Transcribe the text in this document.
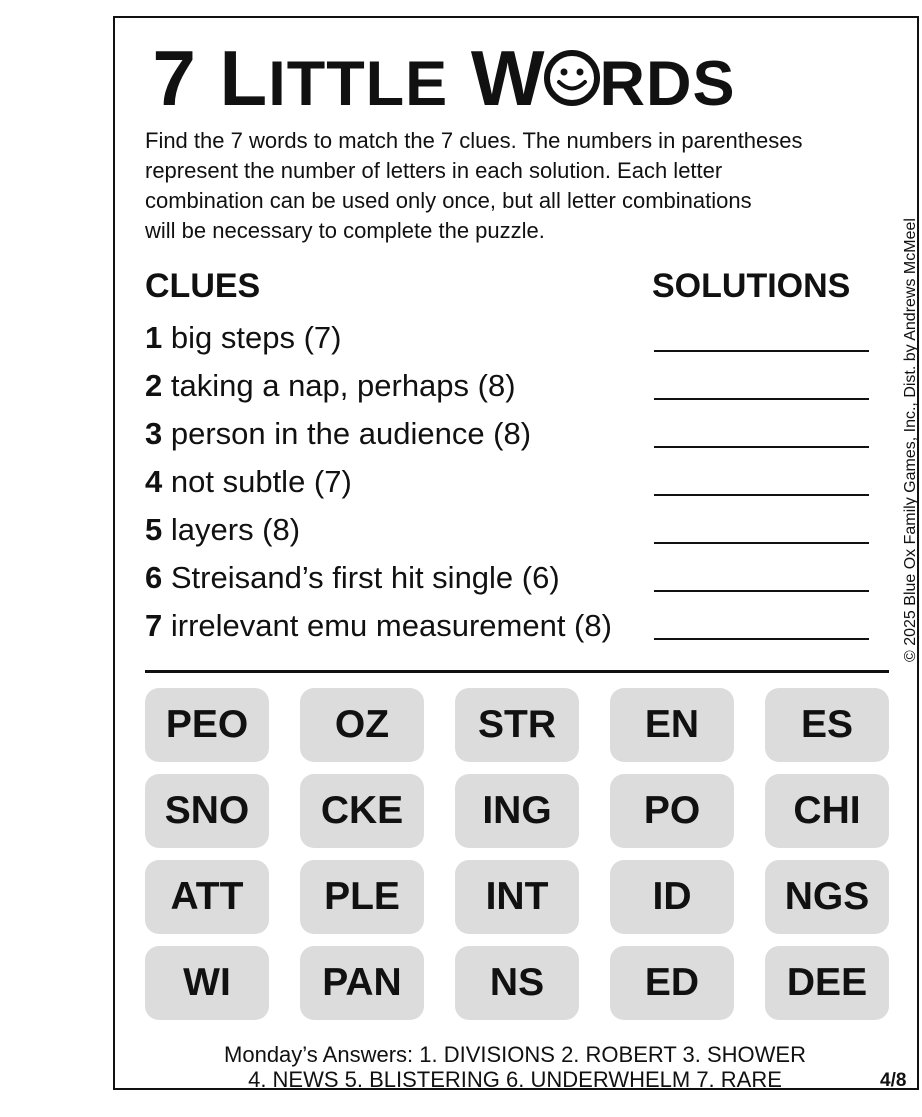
7 LITTLE W RDS
Find the 7 words to match the 7 clues. The numbers in parentheses
represent the number of letters in each solution. Each letter
combination can be used only once, but all letter combinations
will be necessary to complete the puzzle.	© 2025 Blue Ox Family Games, Inc., Dist. by Andrews McMeel
CLUES	SOLUTIONS
1 big steps (7)
2 taking a nap, perhaps (8)
3 person in the audience (8)
4 not subtle (7)
5 layers (8)
6 Streisand’s first hit single (6)
7 irrelevant emu measurement (8)
PEO	OZ	STR	EN	ES
SNO	CKE	ING	PO	CHI
ATT	PLE	INT	ID	NGS
WI	PAN	NS	ED	DEE
Monday’s Answers: 1. DIVISIONS 2. ROBERT 3. SHOWER
4. NEWS 5. BLISTERING 6. UNDERWHELM 7. RARE	4/8
